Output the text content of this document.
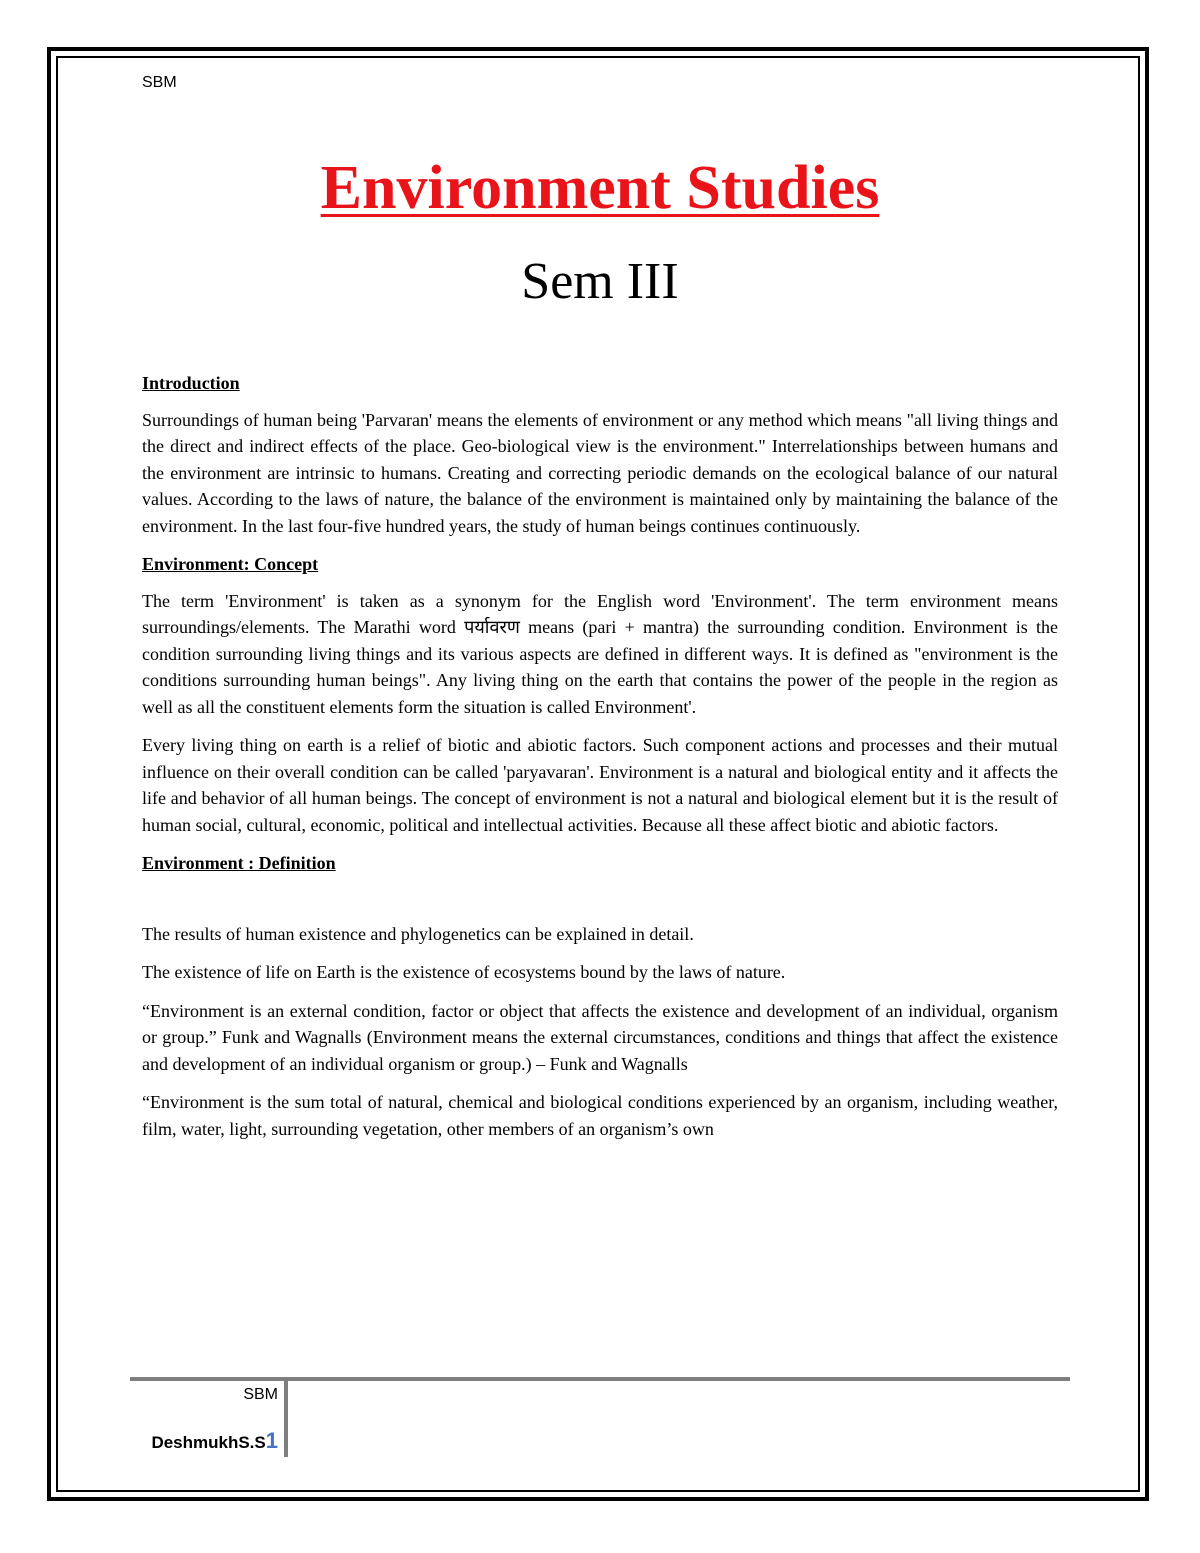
SBM
Environment Studies
Sem III
Introduction

Surroundings of human being 'Parvaran' means the elements of environment or any method which means "all living things and the direct and indirect effects of the place. Geo-biological view is the environment." Interrelationships between humans and the environment are intrinsic to humans. Creating and correcting periodic demands on the ecological balance of our natural values. According to the laws of nature, the balance of the environment is maintained only by maintaining the balance of the environment. In the last four-five hundred years, the study of human beings continues continuously.

Environment: Concept

The term 'Environment' is taken as a synonym for the English word 'Environment'. The term environment means surroundings/elements. The Marathi word पर्यावरण means (pari + mantra) the surrounding condition. Environment is the condition surrounding living things and its various aspects are defined in different ways. It is defined as "environment is the conditions surrounding human beings". Any living thing on the earth that contains the power of the people in the region as well as all the constituent elements form the situation is called Environment'.

Every living thing on earth is a relief of biotic and abiotic factors. Such component actions and processes and their mutual influence on their overall condition can be called 'paryavaran'. Environment is a natural and biological entity and it affects the life and behavior of all human beings. The concept of environment is not a natural and biological element but it is the result of human social, cultural, economic, political and intellectual activities. Because all these affect biotic and abiotic factors.

Environment : Definition

The results of human existence and phylogenetics can be explained in detail.

The existence of life on Earth is the existence of ecosystems bound by the laws of nature.

“Environment is an external condition, factor or object that affects the existence and development of an individual, organism or group.” Funk and Wagnalls (Environment means the external circumstances, conditions and things that affect the existence and development of an individual organism or group.) – Funk and Wagnalls

“Environment is the sum total of natural, chemical and biological conditions experienced by an organism, including weather, film, water, light, surrounding vegetation, other members of an organism’s own

SBM
DeshmukhS.S1
